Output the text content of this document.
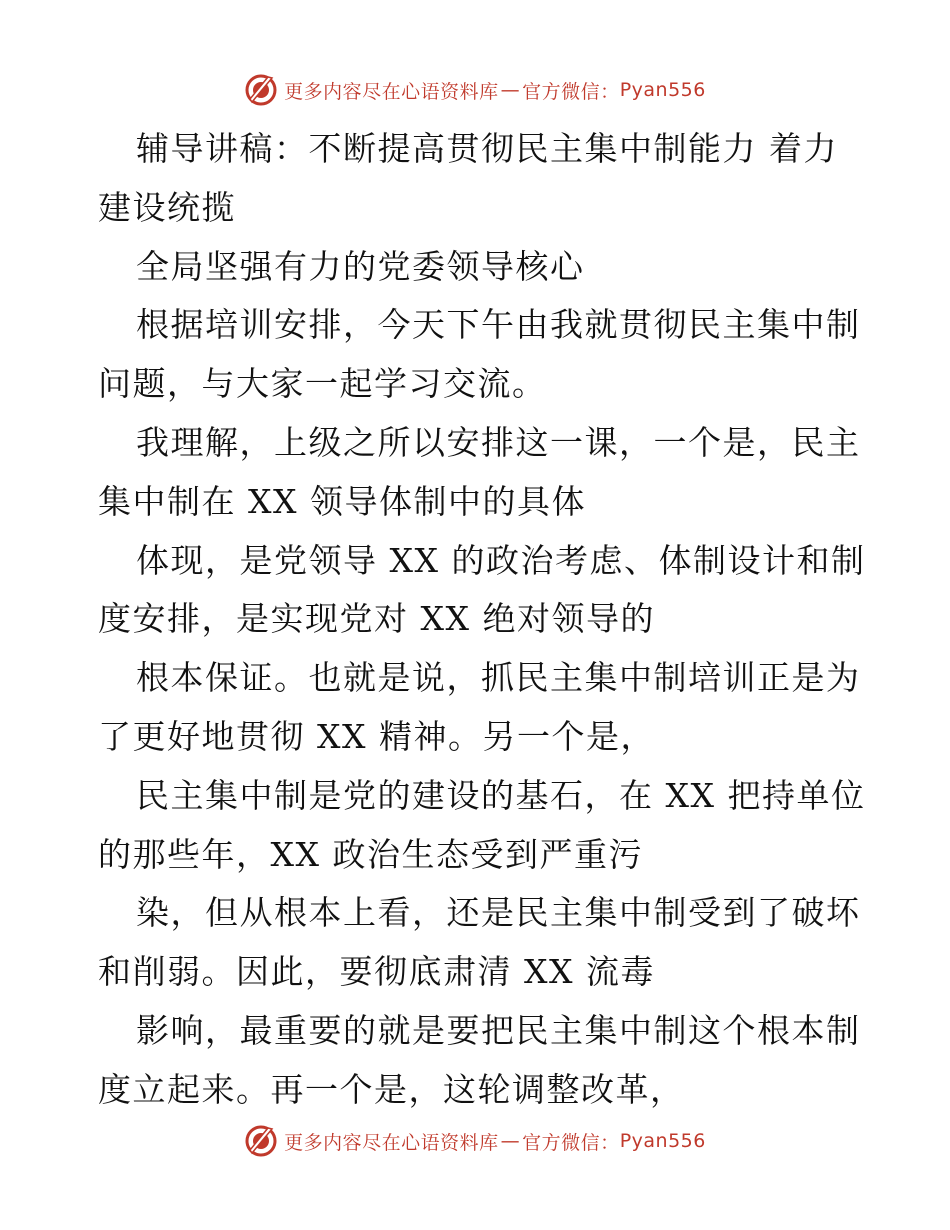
更多内容尽在心语资料库 — 官方微信： Pyan556
辅导讲稿：不断提高贯彻民主集中制能力 着力
建设统揽
全局坚强有力的党委领导核心
根据培训安排，今天下午由我就贯彻民主集中制
问题，与大家一起学习交流。
我理解，上级之所以安排这一课，一个是，民主
集中制在 XX 领导体制中的具体
体现，是党领导 XX 的政治考虑、体制设计和制
度安排，是实现党对 XX 绝对领导的
根本保证。也就是说，抓民主集中制培训正是为
了更好地贯彻 XX 精神。另一个是，
民主集中制是党的建设的基石，在 XX 把持单位
的那些年，XX 政治生态受到严重污
染，但从根本上看，还是民主集中制受到了破坏
和削弱。因此，要彻底肃清 XX 流毒
影响，最重要的就是要把民主集中制这个根本制
度立起来。再一个是，这轮调整改革，
更多内容尽在心语资料库 — 官方微信： Pyan556
